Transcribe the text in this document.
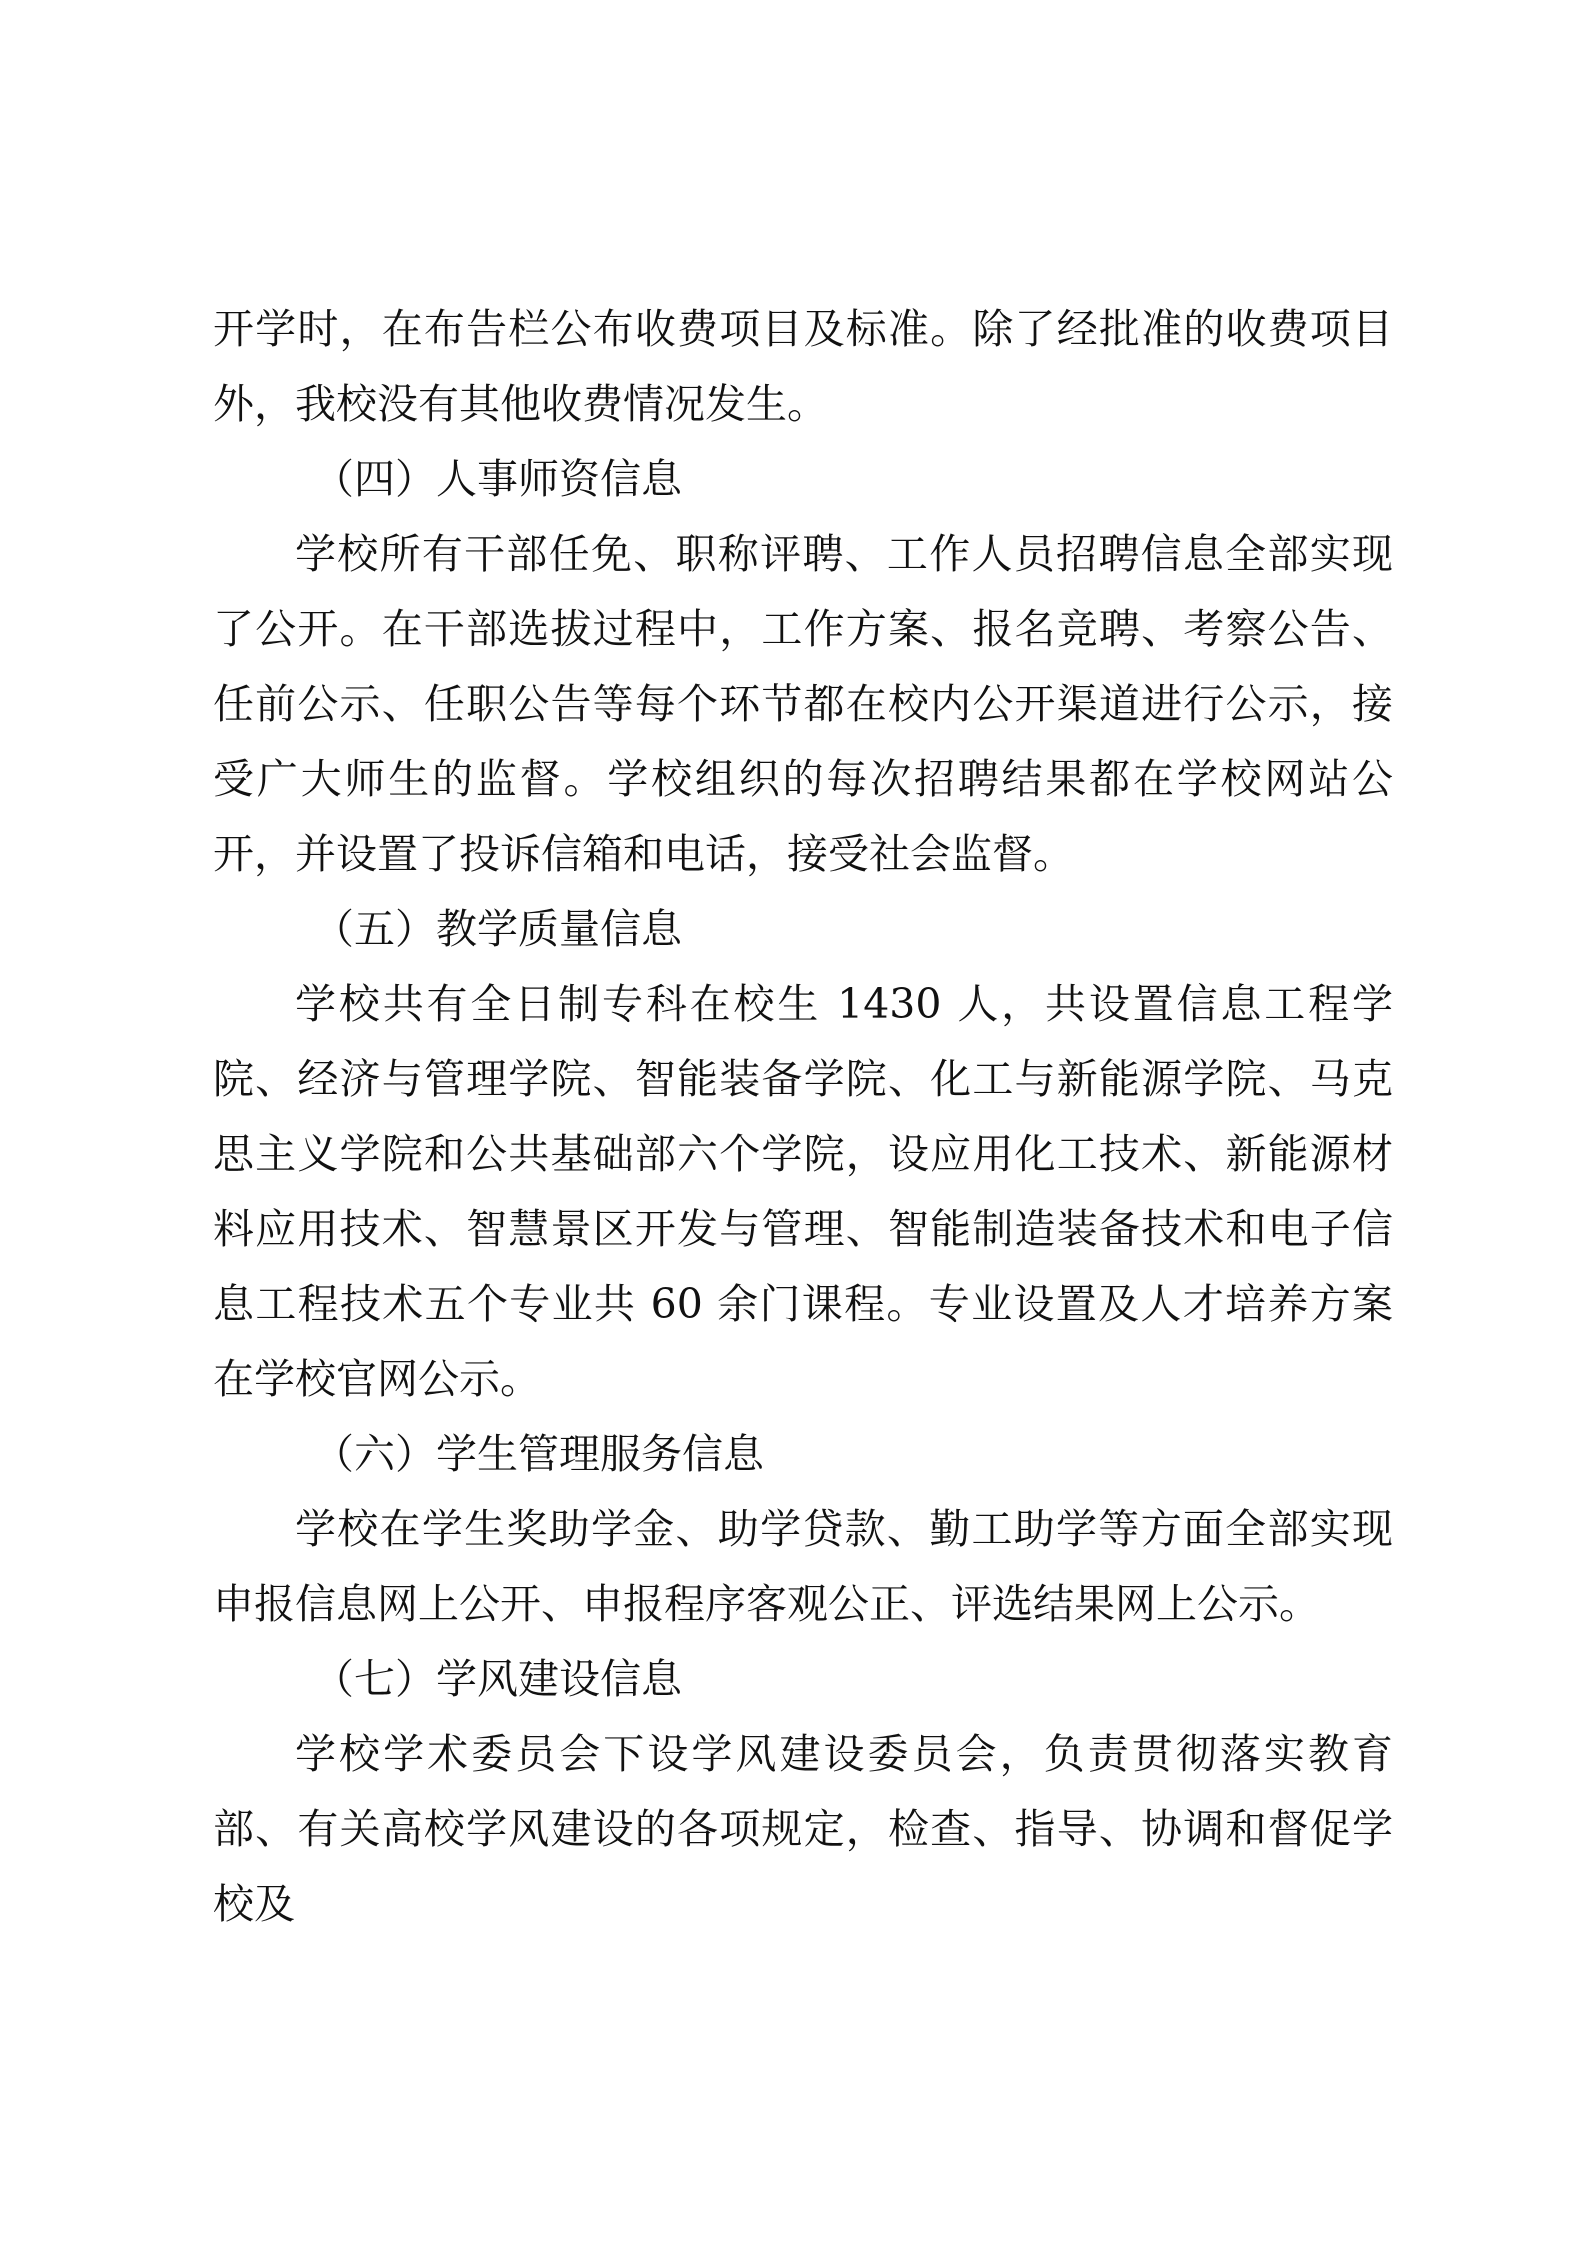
开学时，在布告栏公布收费项目及标准。除了经批准的收费项目外，我校没有其他收费情况发生。

（四）人事师资信息

学校所有干部任免、职称评聘、工作人员招聘信息全部实现了公开。在干部选拔过程中，工作方案、报名竞聘、考察公告、任前公示、任职公告等每个环节都在校内公开渠道进行公示，接受广大师生的监督。学校组织的每次招聘结果都在学校网站公开，并设置了投诉信箱和电话，接受社会监督。

（五）教学质量信息

学校共有全日制专科在校生 1430 人，共设置信息工程学院、经济与管理学院、智能装备学院、化工与新能源学院、马克思主义学院和公共基础部六个学院，设应用化工技术、新能源材料应用技术、智慧景区开发与管理、智能制造装备技术和电子信息工程技术五个专业共 60 余门课程。专业设置及人才培养方案在学校官网公示。

（六）学生管理服务信息

学校在学生奖助学金、助学贷款、勤工助学等方面全部实现申报信息网上公开、申报程序客观公正、评选结果网上公示。

（七）学风建设信息

学校学术委员会下设学风建设委员会，负责贯彻落实教育部、有关高校学风建设的各项规定，检查、指导、协调和督促学校及
